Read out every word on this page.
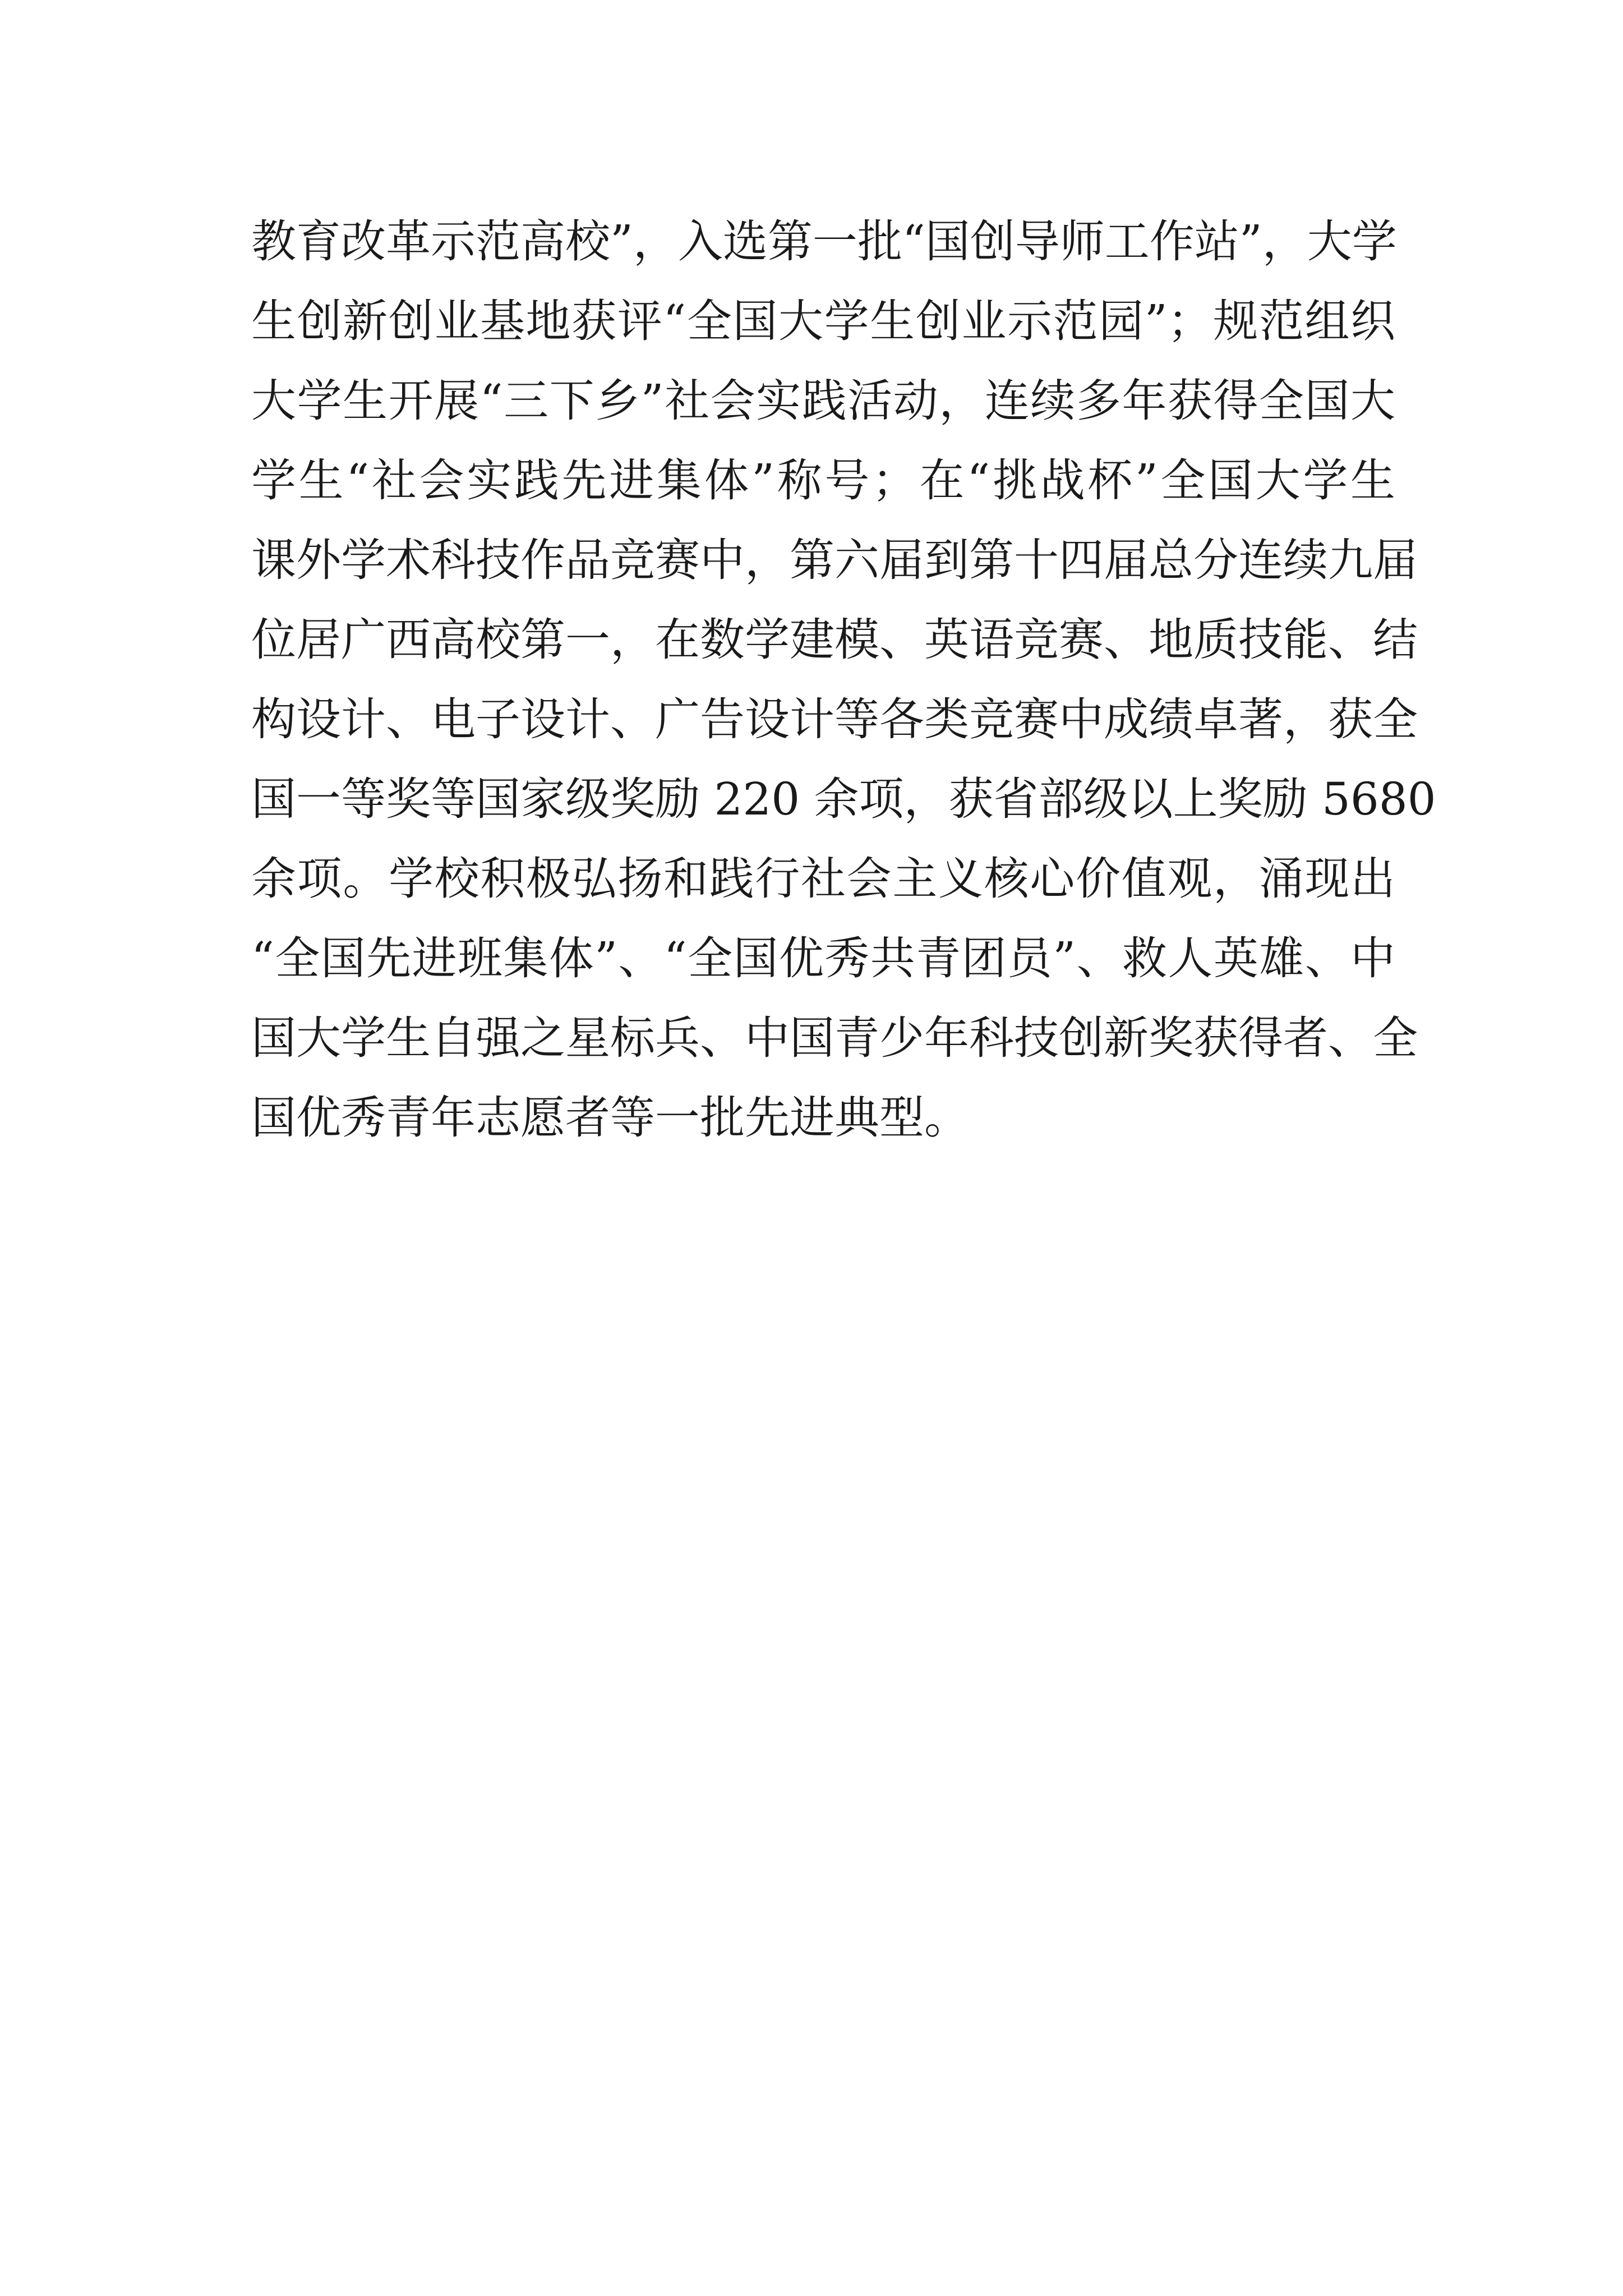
教育改革示范高校”，入选第一批“国创导师工作站”，大学
生创新创业基地获评“全国大学生创业示范园”；规范组织
大学生开展“三下乡”社会实践活动，连续多年获得全国大
学生“社会实践先进集体”称号；在“挑战杯”全国大学生
课外学术科技作品竞赛中，第六届到第十四届总分连续九届
位居广西高校第一，在数学建模、英语竞赛、地质技能、结
构设计、电子设计、广告设计等各类竞赛中成绩卓著，获全
国一等奖等国家级奖励 220 余项，获省部级以上奖励 5680
余项。学校积极弘扬和践行社会主义核心价值观，涌现出
“全国先进班集体”、“全国优秀共青团员”、救人英雄、中
国大学生自强之星标兵、中国青少年科技创新奖获得者、全
国优秀青年志愿者等一批先进典型。
